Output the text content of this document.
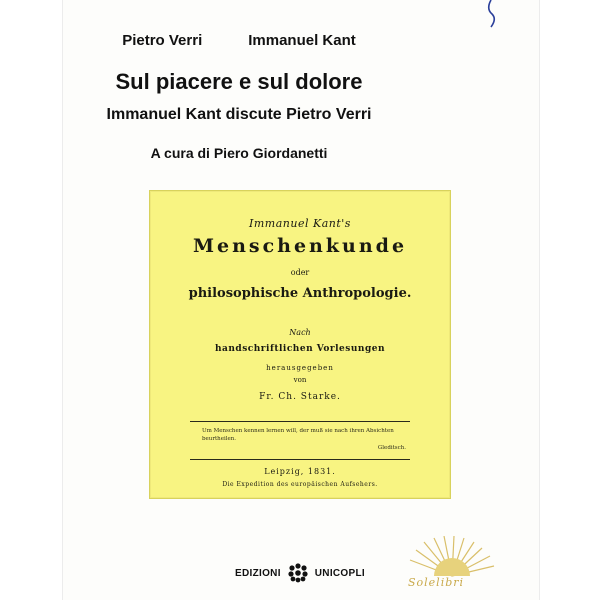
Pietro Verri	Immanuel Kant
Sul piacere e sul dolore
Immanuel Kant discute Pietro Verri
A cura di Piero Giordanetti
Immanuel Kant's
Menschenkunde
oder
philosophische Anthropologie.
Nach
handschriftlichen Vorlesungen
herausgegeben
von
Fr. Ch. Starke.
Um Menschen kennen lernen will, der muß sie nach ihren Absichten beurtheilen.
Gleditsch.
Leipzig, 1831.
Die Expedition des europäischen Aufsehers.
EDIZIONI	UNICOPLI
Solelibri
